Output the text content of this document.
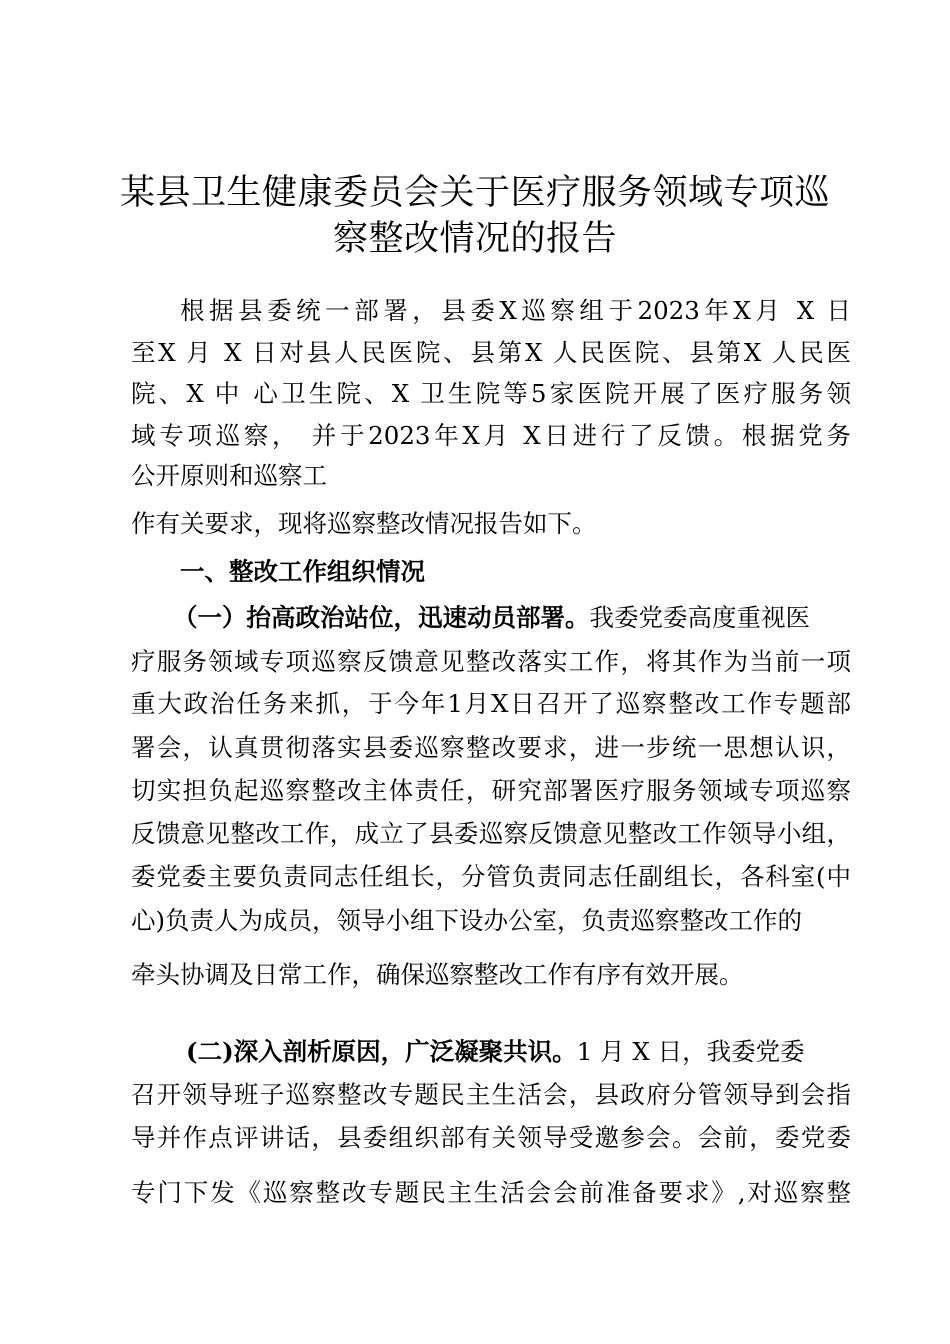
某县卫生健康委员会关于医疗服务领域专项巡
察整改情况的报告

根据县委统一部署，县委X巡察组于2023年X月 X 日

至X 月 X 日对县人民医院、县第X 人民医院、县第X 人民医

院、X 中 心卫生院、X 卫生院等5家医院开展了医疗服务领

域专项巡察， 并于2023年X月 X日进行了反馈。根据党务

公开原则和巡察工

作有关要求，现将巡察整改情况报告如下。

一、整改工作组织情况

（一）抬高政治站位，迅速动员部署。我委党委高度重视医

疗服务领域专项巡察反馈意见整改落实工作，将其作为当前一项

重大政治任务来抓，于今年1月X日召开了巡察整改工作专题部

署会，认真贯彻落实县委巡察整改要求，进一步统一思想认识，

切实担负起巡察整改主体责任，研究部署医疗服务领域专项巡察

反馈意见整改工作，成立了县委巡察反馈意见整改工作领导小组，

委党委主要负责同志任组长，分管负责同志任副组长，各科室(中

心)负责人为成员，领导小组下设办公室，负责巡察整改工作的

牵头协调及日常工作，确保巡察整改工作有序有效开展。

(二)深入剖析原因，广泛凝聚共识。1 月 X 日，我委党委

召开领导班子巡察整改专题民主生活会，县政府分管领导到会指

导并作点评讲话，县委组织部有关领导受邀参会。会前，委党委

专门下发《巡察整改专题民主生活会会前准备要求》,对巡察整
